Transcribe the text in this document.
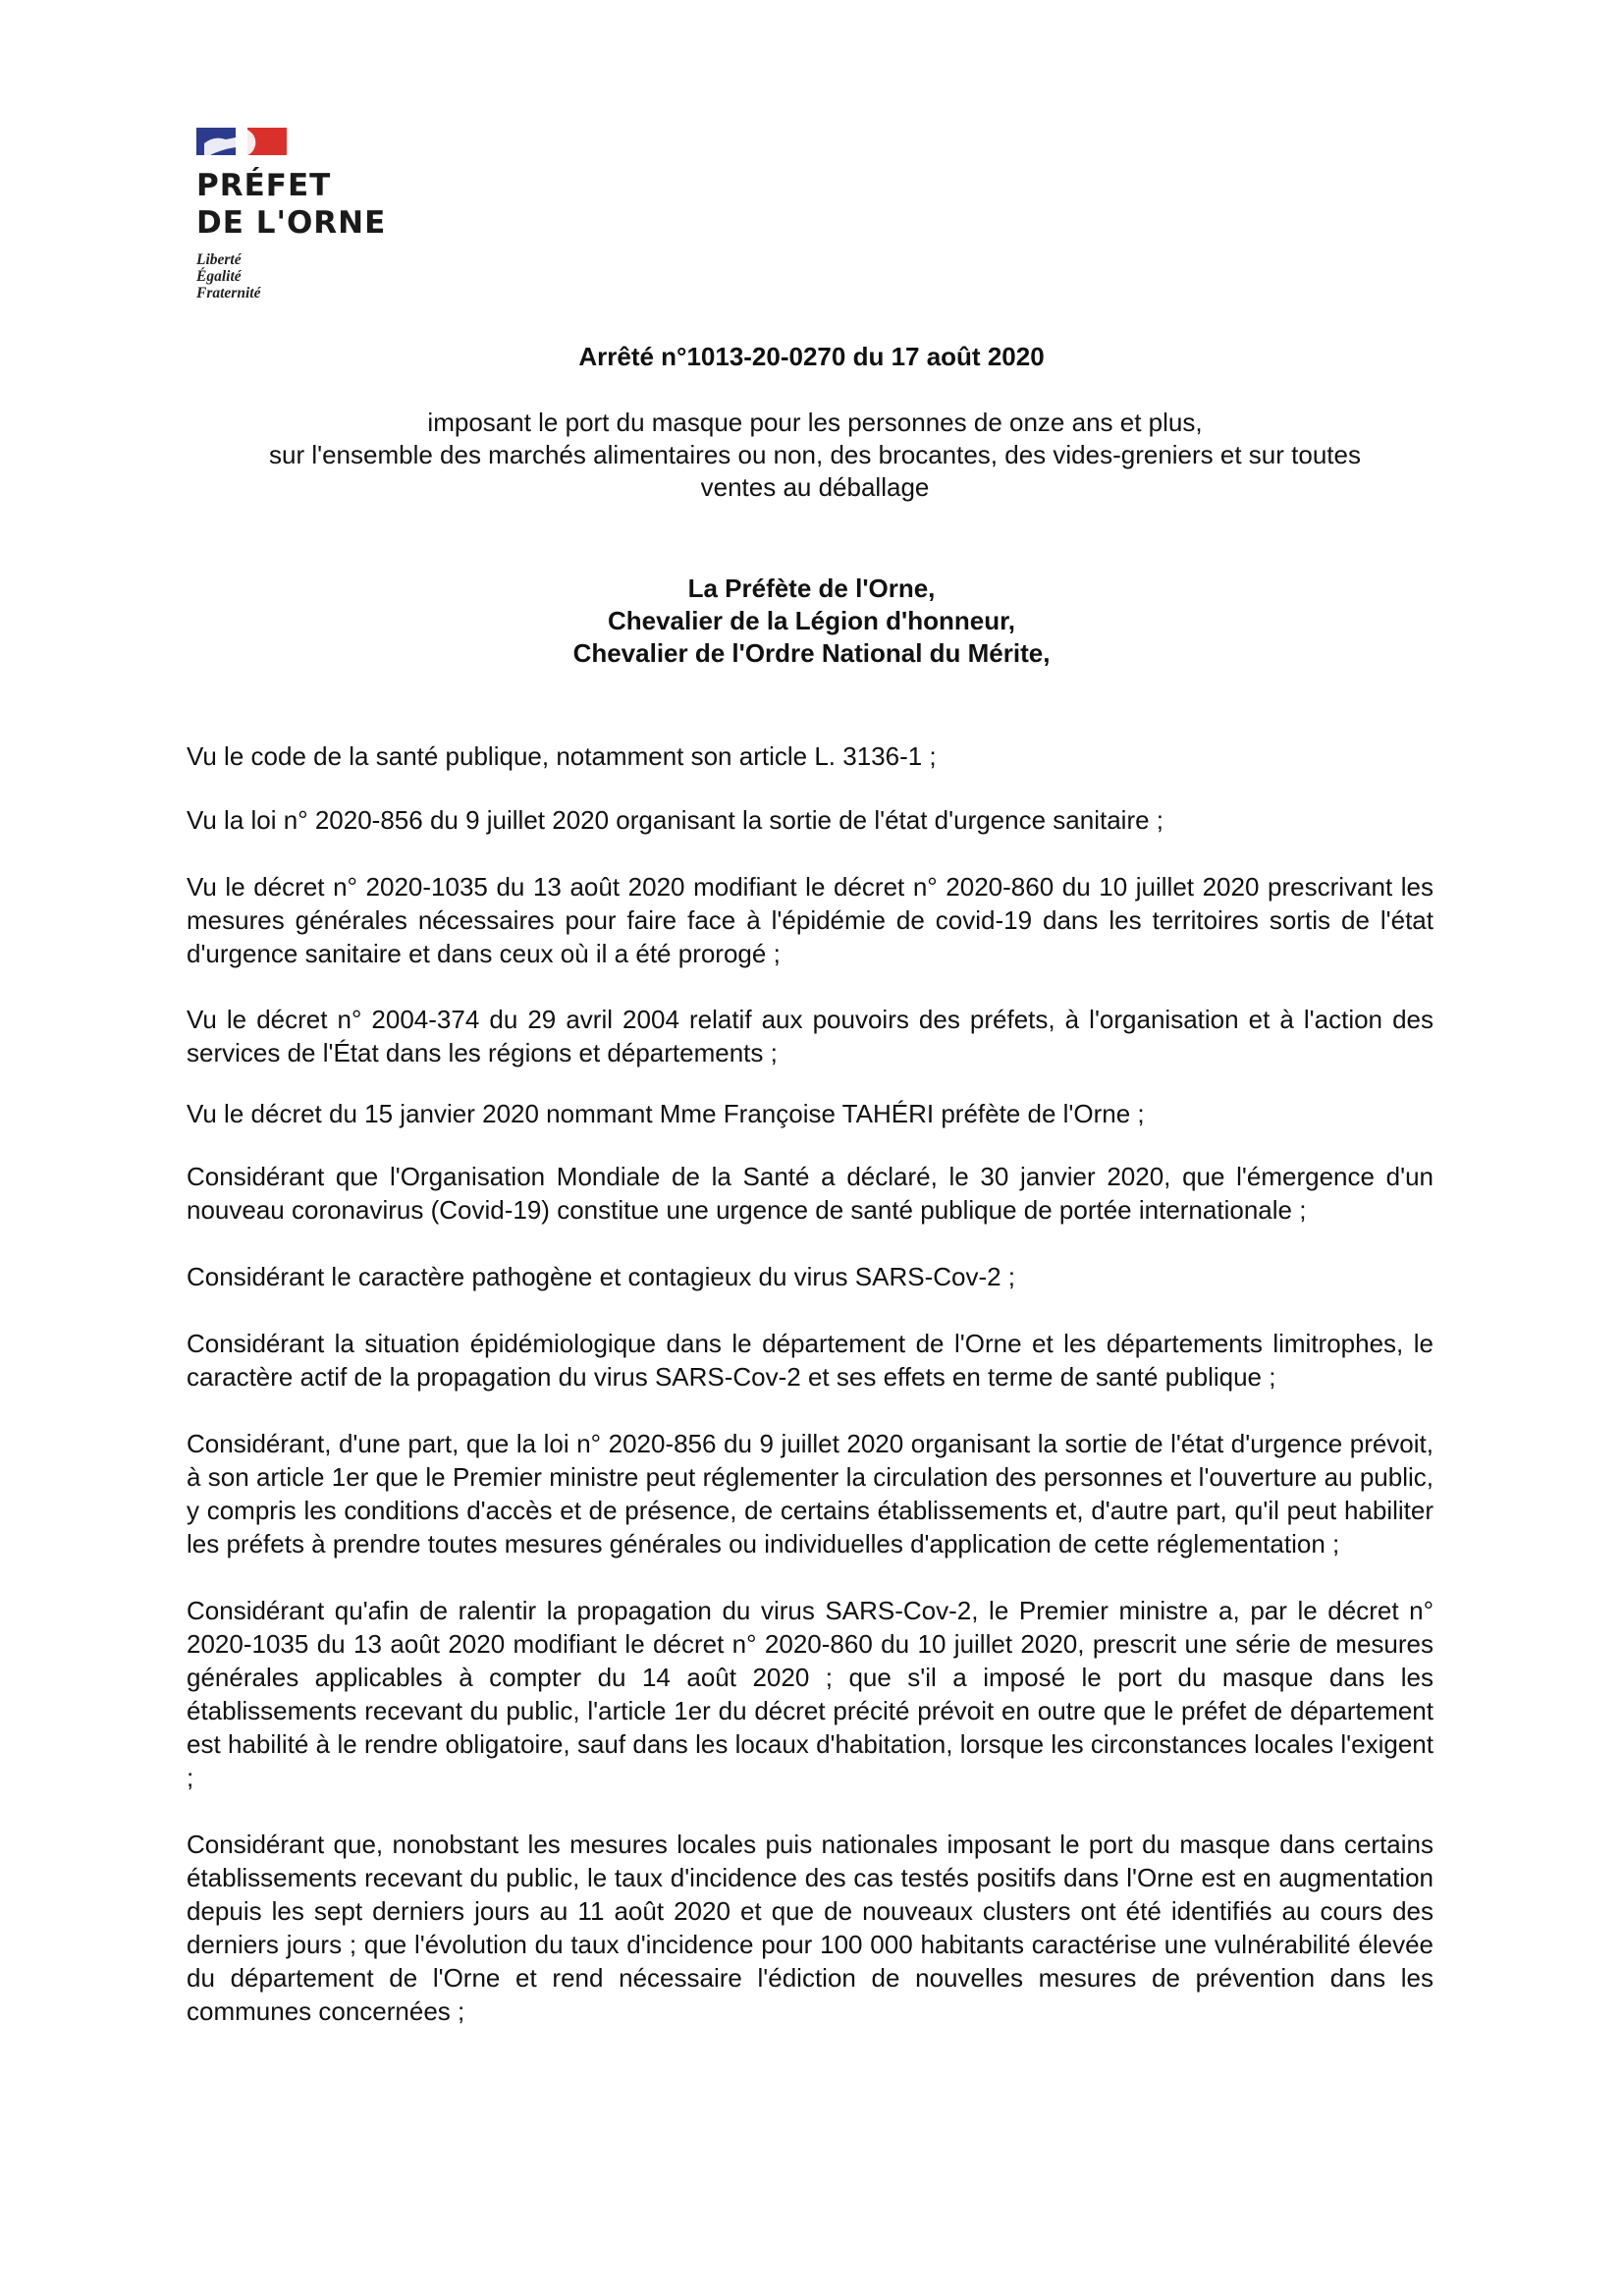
PRÉFET
DE L'ORNE
Liberté
Égalité
Fraternité
Arrêté n°1013-20-0270 du 17 août 2020
imposant le port du masque pour les personnes de onze ans et plus,
sur l'ensemble des marchés alimentaires ou non, des brocantes, des vides-greniers et sur toutes
ventes au déballage
La Préfète de l'Orne,
Chevalier de la Légion d'honneur,
Chevalier de l'Ordre National du Mérite,

Vu le code de la santé publique, notamment son article L. 3136-1 ;

Vu la loi n° 2020-856 du 9 juillet 2020 organisant la sortie de l'état d'urgence sanitaire ;

Vu le décret n° 2020-1035 du 13 août 2020 modifiant le décret n° 2020-860 du 10 juillet 2020 prescrivant les mesures générales nécessaires pour faire face à l'épidémie de covid-19 dans les territoires sortis de l'état d'urgence sanitaire et dans ceux où il a été prorogé ;

Vu le décret n° 2004-374 du 29 avril 2004 relatif aux pouvoirs des préfets, à l'organisation et à l'action des services de l'État dans les régions et départements ;

Vu le décret du 15 janvier 2020 nommant Mme Françoise TAHÉRI préfète de l'Orne ;

Considérant que l'Organisation Mondiale de la Santé a déclaré, le 30 janvier 2020, que l'émergence d'un nouveau coronavirus (Covid-19) constitue une urgence de santé publique de portée internationale ;

Considérant le caractère pathogène et contagieux du virus SARS-Cov-2 ;

Considérant la situation épidémiologique dans le département de l'Orne et les départements limitrophes, le caractère actif de la propagation du virus SARS-Cov-2 et ses effets en terme de santé publique ;

Considérant, d'une part, que la loi n° 2020-856 du 9 juillet 2020 organisant la sortie de l'état d'urgence prévoit, à son article 1er que le Premier ministre peut réglementer la circulation des personnes et l'ouverture au public, y compris les conditions d'accès et de présence, de certains établissements et, d'autre part, qu'il peut habiliter les préfets à prendre toutes mesures générales ou individuelles d'application de cette réglementation ;

Considérant qu'afin de ralentir la propagation du virus SARS-Cov-2, le Premier ministre a, par le décret n° 2020-1035 du 13 août 2020 modifiant le décret n° 2020-860 du 10 juillet 2020, prescrit une série de mesures générales applicables à compter du 14 août 2020 ; que s'il a imposé le port du masque dans les établissements recevant du public, l'article 1er du décret précité prévoit en outre que le préfet de département est habilité à le rendre obligatoire, sauf dans les locaux d'habitation, lorsque les circonstances locales l'exigent ;

Considérant que, nonobstant les mesures locales puis nationales imposant le port du masque dans certains établissements recevant du public, le taux d'incidence des cas testés positifs dans l'Orne est en augmentation depuis les sept derniers jours au 11 août 2020 et que de nouveaux clusters ont été identifiés au cours des derniers jours ; que l'évolution du taux d'incidence pour 100 000 habitants caractérise une vulnérabilité élevée du département de l'Orne et rend nécessaire l'édiction de nouvelles mesures de prévention dans les communes concernées ;
